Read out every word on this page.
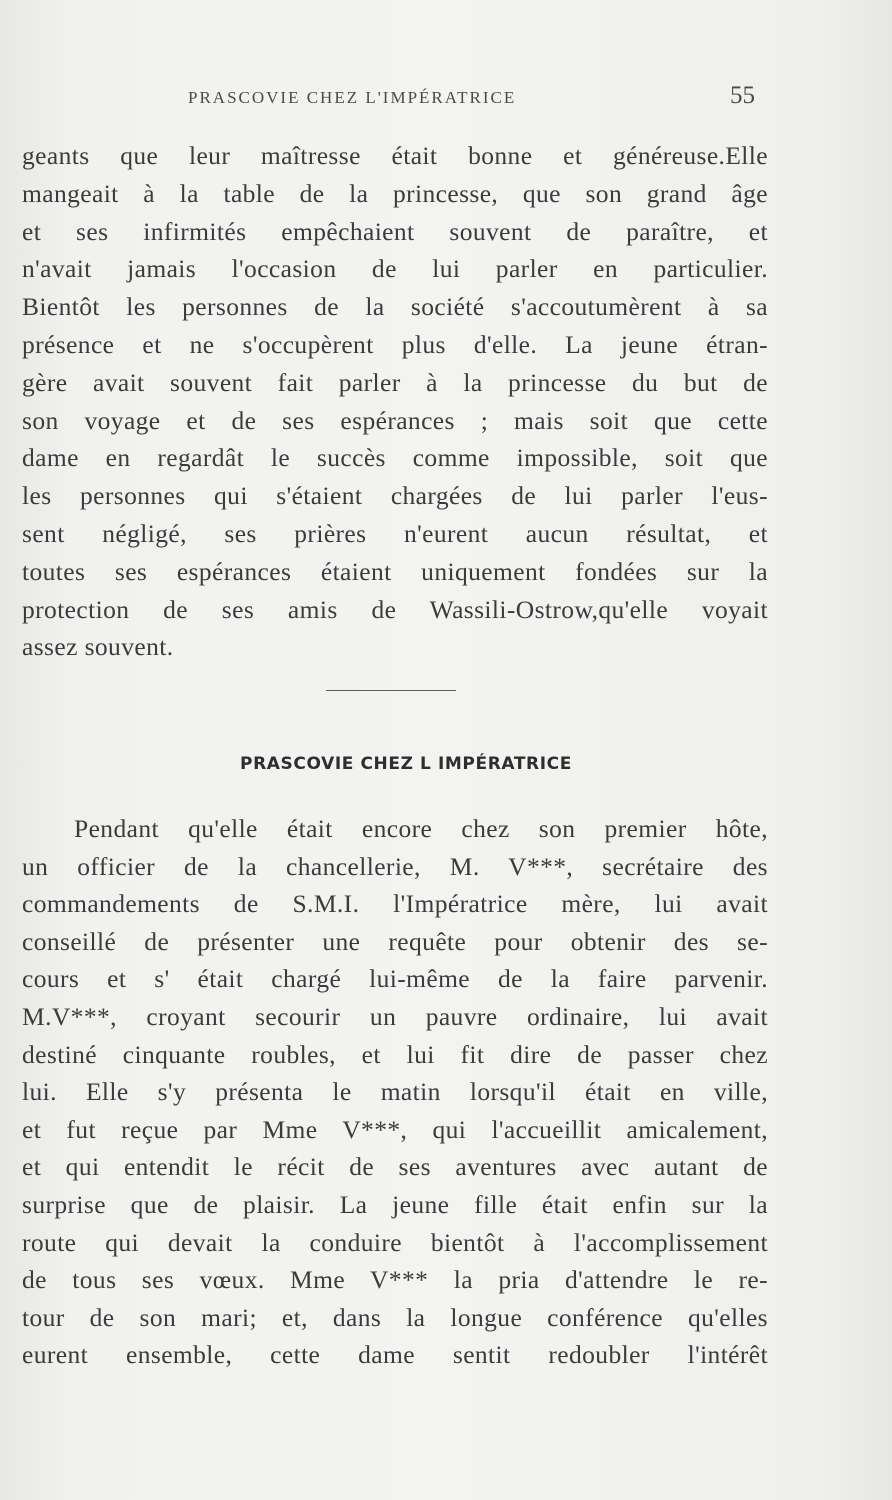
PRASCOVIE CHEZ L'IMPÉRATRICE	55
geants que leur maîtresse était bonne et généreuse.Elle
mangeait à la table de la princesse, que son grand âge
et ses infirmités empêchaient souvent de paraître, et
n'avait jamais l'occasion de lui parler en particulier.
Bientôt les personnes de la société s'accoutumèrent à sa
présence et ne s'occupèrent plus d'elle. La jeune étran-
gère avait souvent fait parler à la princesse du but de
son voyage et de ses espérances ; mais soit que cette
dame en regardât le succès comme impossible, soit que
les personnes qui s'étaient chargées de lui parler l'eus-
sent négligé, ses prières n'eurent aucun résultat, et
toutes ses espérances étaient uniquement fondées sur la
protection de ses amis de Wassili-Ostrow,qu'elle voyait
assez souvent.
PRASCOVIE CHEZ L IMPÉRATRICE
Pendant qu'elle était encore chez son premier hôte,
un officier de la chancellerie, M. V***, secrétaire des
commandements de S.M.I. l'Impératrice mère, lui avait
conseillé de présenter une requête pour obtenir des se-
cours et s' était chargé lui-même de la faire parvenir.
M.V***, croyant secourir un pauvre ordinaire, lui avait
destiné cinquante roubles, et lui fit dire de passer chez
lui. Elle s'y présenta le matin lorsqu'il était en ville,
et fut reçue par Mme V***, qui l'accueillit amicalement,
et qui entendit le récit de ses aventures avec autant de
surprise que de plaisir. La jeune fille était enfin sur la
route qui devait la conduire bientôt à l'accomplissement
de tous ses vœux. Mme V*** la pria d'attendre le re-
tour de son mari; et, dans la longue conférence qu'elles
eurent ensemble, cette dame sentit redoubler l'intérêt
